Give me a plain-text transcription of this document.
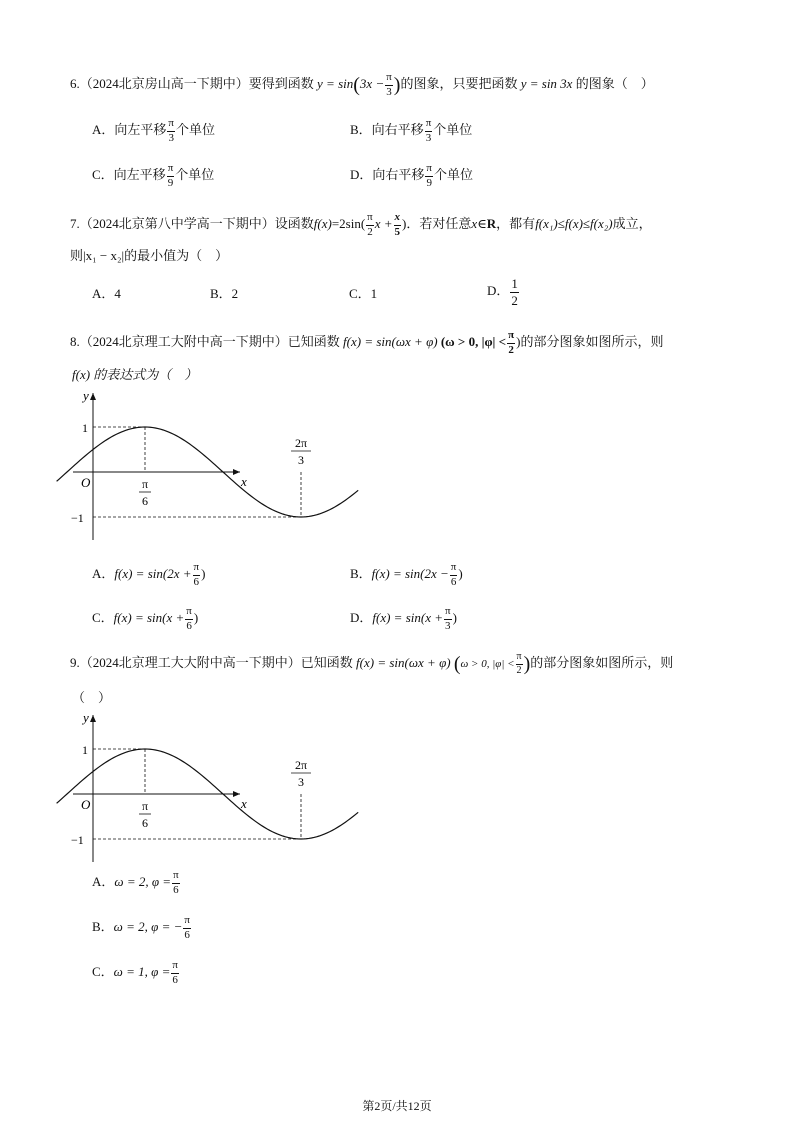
6.（2024北京房山高一下期中）要得到函数 $y = \sin(3x - \frac{\pi}{3}$ )的图象，只要把函数 y = sin 3x 的图象（　）
A．向左平移 $\frac{\pi}{3}$ 个单位	B．向右平移 $\frac{\pi}{3}$ 个单位
C．向左平移 $\frac{\pi}{9}$ 个单位	D．向右平移 $\frac{\pi}{9}$ 个单位
7.（2024北京第八中学高一下期中）设函数$f(x)=2\sin( \frac{\pi}{2}$ $x + \frac{x}{5}$ )．若对任意x∈R，都有f(x₁)≤f(x)≤f(x₂)成立，
则|x₁ − x₂|的最小值为（　）
A．4	B．2	C．1	D． $\frac{1}{2}$
8.（2024北京理工大附中高一下期中）已知函数 f(x) = sin(ωx + φ) (ω > 0, $|\varphi| < \frac{\pi}{2}$ )的部分图象如图所示，则
f(x) 的表达式为（　）
y
x
O
1
−1
π
6
2π
3
A．$f(x) = \sin(2x + \frac{\pi}{6}$ )	B．$f(x) = \sin(2x - \frac{\pi}{6}$ )
C．$f(x) = \sin(x + \frac{\pi}{6}$ )	D．$f(x) = \sin(x + \frac{\pi}{3}$ )
9.（2024北京理工大大附中高一下期中）已知函数 f(x) = sin(ωx + φ) (ω > 0, $|\varphi| < \frac{\pi}{2}$ )的部分图象如图所示，则
（　）
y
x
O
1
−1
π
6
2π
3
A．ω = 2, $\varphi = \frac{\pi}{6}$
B．ω = 2, φ = − $\frac{\pi}{6}$
C．ω = 1, $\varphi = \frac{\pi}{6}$
第2页/共12页
